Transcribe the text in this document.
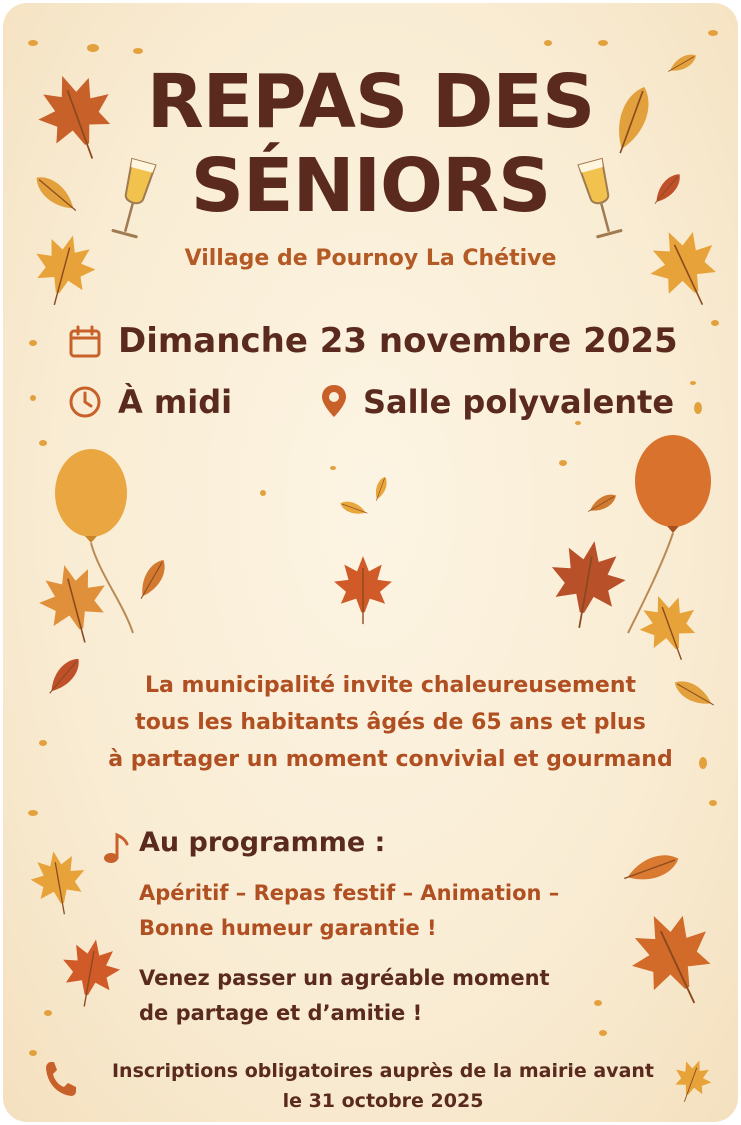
REPAS DES
SÉNIORS
Village de Pournoy La Chétive
Dimanche 23 novembre 2025
À midi	Salle polyvalente
La municipalité invite chaleureusement
tous les habitants âgés de 65 ans et plus
à partager un moment convivial et gourmand
Au programme :
Apéritif – Repas festif – Animation –
Bonne humeur garantie !
Venez passer un agréable moment
de partage et d’amitie !
Inscriptions obligatoires auprès de la mairie avant
le 31 octobre 2025
